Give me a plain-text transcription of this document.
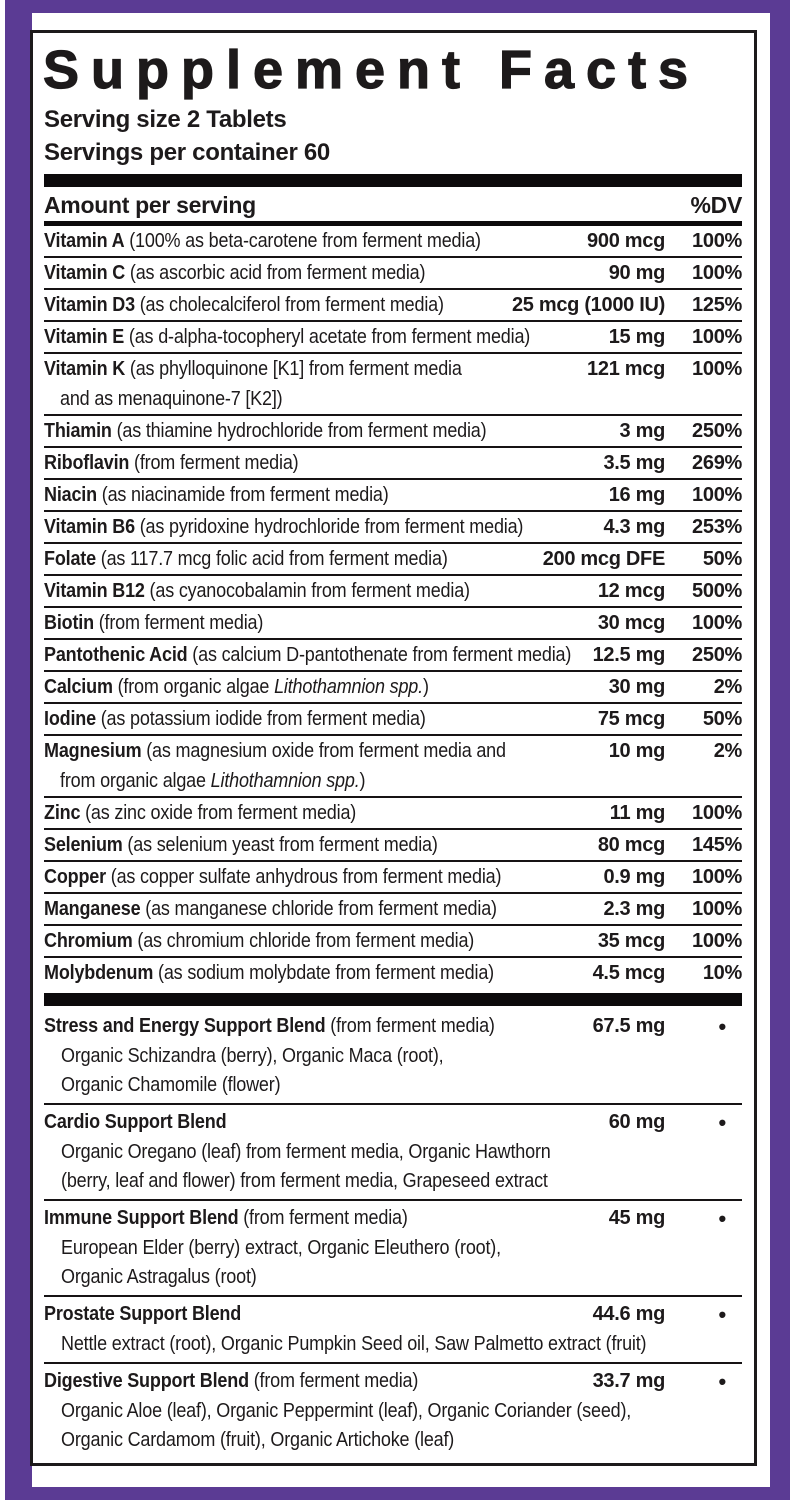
Supplement Facts
Serving size 2 Tablets
Servings per container 60
Amount per serving	%DV
Vitamin A (100% as beta-carotene from ferment media)	900 mcg 100%
Vitamin C (as ascorbic acid from ferment media)	90 mg 100%
Vitamin D3 (as cholecalciferol from ferment media)	25 mcg (1000 IU) 125%
Vitamin E (as d-alpha-tocopheryl acetate from ferment media)	15 mg 100%
Vitamin K (as phylloquinone [K1] from ferment media	121 mcg 100%
and as menaquinone-7 [K2])
Thiamin (as thiamine hydrochloride from ferment media)	3 mg 250%
Riboflavin (from ferment media)	3.5 mg 269%
Niacin (as niacinamide from ferment media)	16 mg 100%
Vitamin B6 (as pyridoxine hydrochloride from ferment media)	4.3 mg 253%
Folate (as 117.7 mcg folic acid from ferment media)	200 mcg DFE 50%
Vitamin B12 (as cyanocobalamin from ferment media)	12 mcg 500%
Biotin (from ferment media)	30 mcg 100%
Pantothenic Acid (as calcium D-pantothenate from ferment media) 12.5 mg 250%
Calcium (from organic algae Lithothamnion spp.)	30 mg 2%
Iodine (as potassium iodide from ferment media)	75 mcg 50%
Magnesium (as magnesium oxide from ferment media and	10 mg 2%
from organic algae Lithothamnion spp.)
Zinc (as zinc oxide from ferment media)	11 mg 100%
Selenium (as selenium yeast from ferment media)	80 mcg 145%
Copper (as copper sulfate anhydrous from ferment media)	0.9 mg 100%
Manganese (as manganese chloride from ferment media)	2.3 mg 100%
Chromium (as chromium chloride from ferment media)	35 mcg 100%
Molybdenum (as sodium molybdate from ferment media)	4.5 mcg 10%
Stress and Energy Support Blend (from ferment media)	67.5 mg •
Organic Schizandra (berry), Organic Maca (root),
Organic Chamomile (flower)
Cardio Support Blend	60 mg •
Organic Oregano (leaf) from ferment media, Organic Hawthorn
(berry, leaf and flower) from ferment media, Grapeseed extract
Immune Support Blend (from ferment media)	45 mg •
European Elder (berry) extract, Organic Eleuthero (root),
Organic Astragalus (root)
Prostate Support Blend	44.6 mg •
Nettle extract (root), Organic Pumpkin Seed oil, Saw Palmetto extract (fruit)
Digestive Support Blend (from ferment media)	33.7 mg •
Organic Aloe (leaf), Organic Peppermint (leaf), Organic Coriander (seed),
Organic Cardamom (fruit), Organic Artichoke (leaf)
